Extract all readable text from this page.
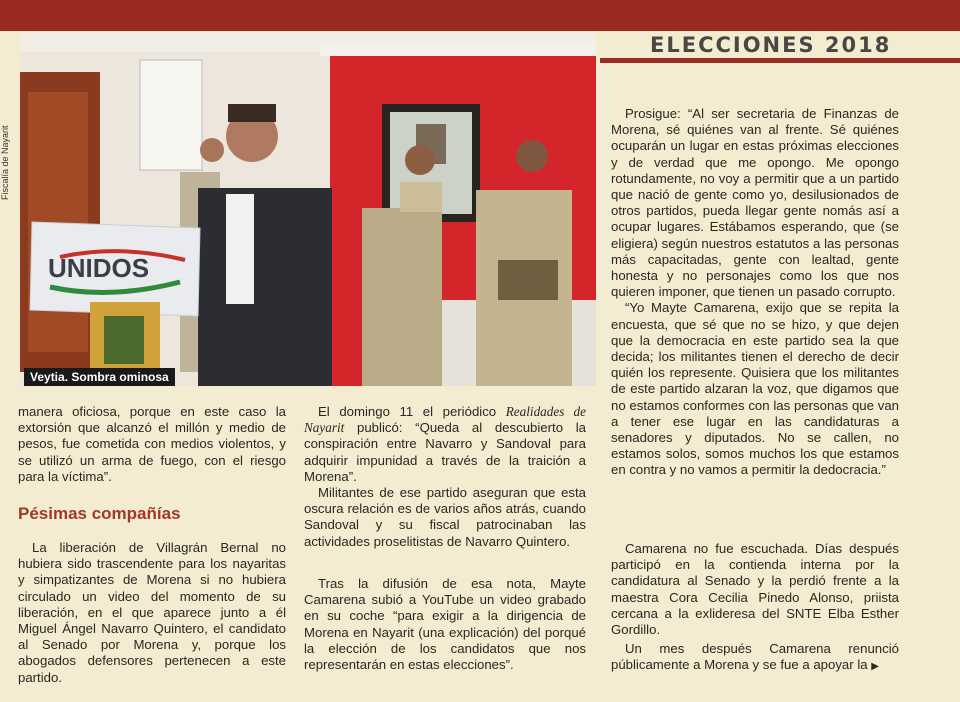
ELECCIONES 2018
Fiscalía de Nayarit
UNIDOS
Veytia. Sombra ominosa

manera oficiosa, porque en este caso la extorsión que alcanzó el millón y medio de pesos, fue cometida con medios violentos, y se utilizó un arma de fuego, con el riesgo para la víctima”.

Pésimas compañías

La liberación de Villagrán Bernal no hubiera sido trascendente para los nayaritas y simpatizantes de Morena si no hubiera circulado un video del momento de su liberación, en el que aparece junto a él Miguel Ángel Navarro Quintero, el candidato al Senado por Morena y, porque los abogados defensores pertenecen a este partido.

El domingo 11 el periódico Realidades de Nayarit publicó: “Queda al descubierto la conspiración entre Navarro y Sandoval para adquirir impunidad a través de la traición a Morena”.

Militantes de ese partido aseguran que esta oscura relación es de varios años atrás, cuando Sandoval y su fiscal patrocinaban las actividades proselitistas de Navarro Quintero.

Tras la difusión de esa nota, Mayte Camarena subió a YouTube un video grabado en su coche “para exigir a la dirigencia de Morena en Nayarit (una explicación) del porqué la elección de los candidatos que nos representarán en estas elecciones”.

Prosigue: “Al ser secretaria de Finanzas de Morena, sé quiénes van al frente. Sé quiénes ocuparán un lugar en estas próximas elecciones y de verdad que me opongo. Me opongo rotundamente, no voy a permitir que a un partido que nació de gente como yo, desilusionados de otros partidos, pueda llegar gente nomás así a ocupar lugares. Estábamos esperando, que (se eligiera) según nuestros estatutos a las personas más capacitadas, gente con lealtad, gente honesta y no personajes como los que nos quieren imponer, que tienen un pasado corrupto.

“Yo Mayte Camarena, exijo que se repita la encuesta, que sé que no se hizo, y que dejen que la democracia en este partido sea la que decida; los militantes tienen el derecho de decir quién los represente. Quisiera que los militantes de este partido alzaran la voz, que digamos que no estamos conformes con las personas que van a tener ese lugar en las candidaturas a senadores y diputados. No se callen, no estamos solos, somos muchos los que estamos en contra y no vamos a permitir la dedocracia.”

Camarena no fue escuchada. Días después participó en la contienda interna por la candidatura al Senado y la perdió frente a la maestra Cora Cecilia Pinedo Alonso, priista cercana a la exlideresa del SNTE Elba Esther Gordillo.

Un mes después Camarena renunció públicamente a Morena y se fue a apoyar la ▶
